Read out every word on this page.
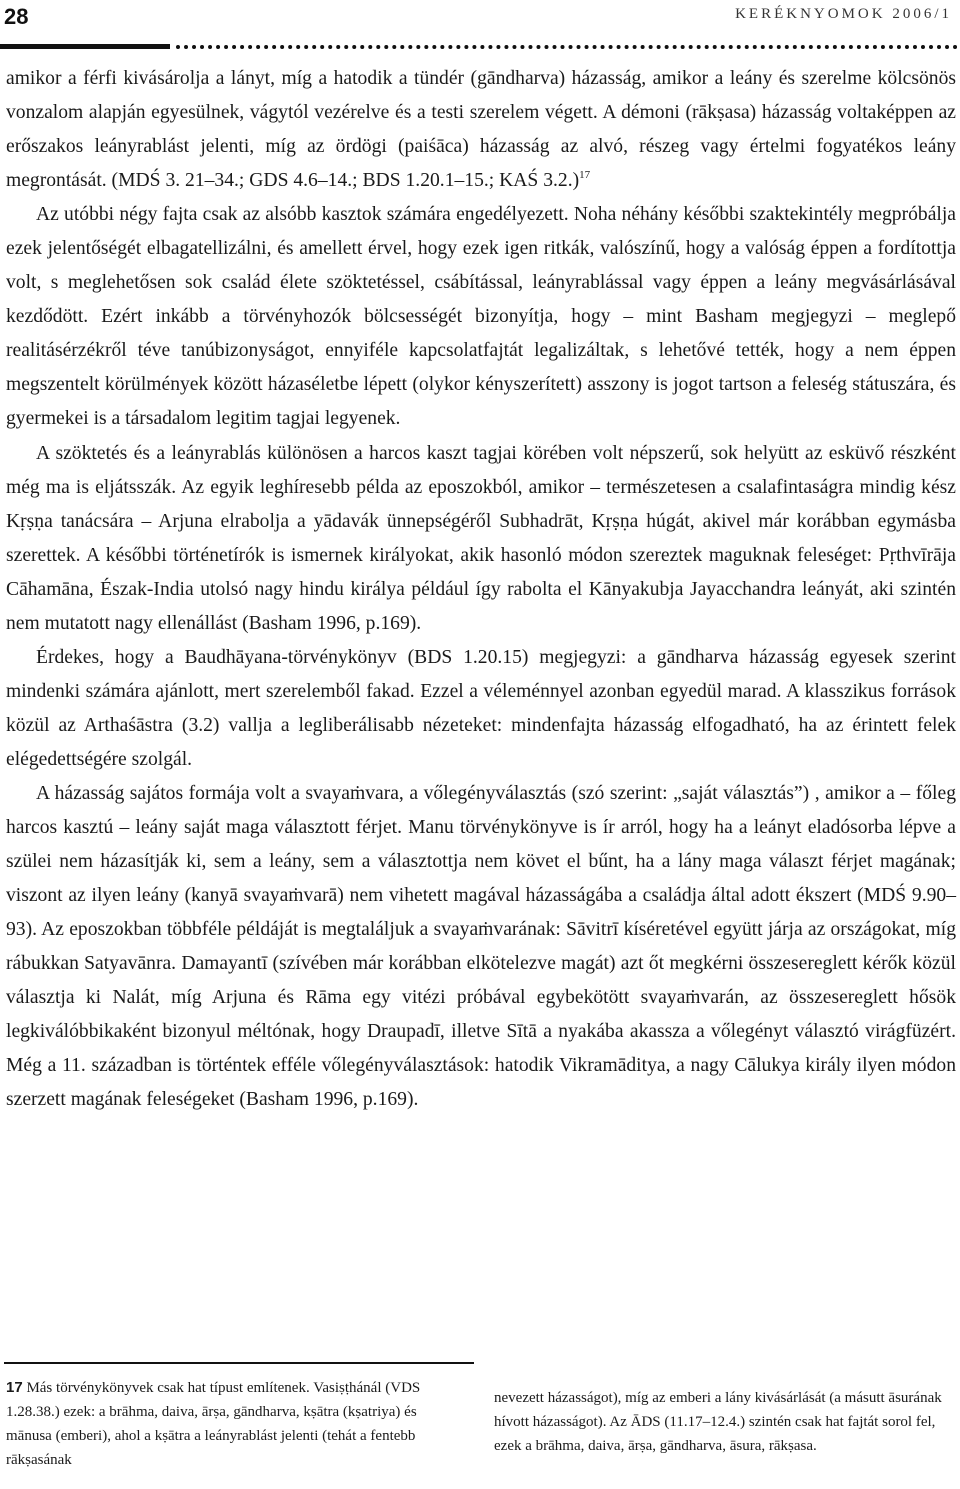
28	KERÉKNYOMOK 2006/1

amikor a férfi kivásárolja a lányt, míg a hatodik a tündér (gāndharva) házasság, amikor a leány és szerelme kölcsönös vonzalom alapján egyesülnek, vágytól vezérelve és a testi szerelem végett. A démoni (rākṣasa) házasság voltaképpen az erőszakos leányrablást jelenti, míg az ördögi (paiśāca) házasság az alvó, részeg vagy értelmi fogyatékos leány megrontását. (MDŚ 3. 21–34.; GDS 4.6–14.; BDS 1.20.1–15.; KAŚ 3.2.)$^{17}$

Az utóbbi négy fajta csak az alsóbb kasztok számára engedélyezett. Noha néhány későbbi szaktekintély megpróbálja ezek jelentőségét elbagatellizálni, és amellett érvel, hogy ezek igen ritkák, valószínű, hogy a valóság éppen a fordítottja volt, s meglehetősen sok család élete szöktetéssel, csábítással, leányrablással vagy éppen a leány megvásárlásával kezdődött. Ezért inkább a törvényhozók bölcsességét bizonyítja, hogy – mint Basham megjegyzi – meglepő realitásérzékről téve tanúbizonyságot, ennyiféle kapcsolatfajtát legalizáltak, s lehetővé tették, hogy a nem éppen megszentelt körülmények között házaséletbe lépett (olykor kényszerített) asszony is jogot tartson a feleség státuszára, és gyermekei is a társadalom legitim tagjai legyenek.

A szöktetés és a leányrablás különösen a harcos kaszt tagjai körében volt népszerű, sok helyütt az esküvő részként még ma is eljátsszák. Az egyik leghíresebb példa az eposzokból, amikor – természetesen a csalafintaságra mindig kész Kṛṣṇa tanácsára – Arjuna elrabolja a yādavák ünnepségéről Subhadrāt, Kṛṣṇa húgát, akivel már korábban egymásba szerettek. A későbbi történetírók is ismernek királyokat, akik hasonló módon szereztek maguknak feleséget: Pṛthvīrāja Cāhamāna, Észak-India utolsó nagy hindu királya például így rabolta el Kānyakubja Jayacchandra leányát, aki szintén nem mutatott nagy ellenállást (Basham 1996, p.169).

Érdekes, hogy a Baudhāyana-törvénykönyv (BDS 1.20.15) megjegyzi: a gāndharva házasság egyesek szerint mindenki számára ajánlott, mert szerelemből fakad. Ezzel a véleménnyel azonban egyedül marad. A klasszikus források közül az Arthaśāstra (3.2) vallja a legliberálisabb nézeteket: mindenfajta házasság elfogadható, ha az érintett felek elégedettségére szolgál.

A házasság sajátos formája volt a svayaṁvara, a vőlegényválasztás (szó szerint: „saját választás”) , amikor a – főleg harcos kasztú – leány saját maga választott férjet. Manu törvénykönyve is ír arról, hogy ha a leányt eladósorba lépve a szülei nem házasítják ki, sem a leány, sem a választottja nem követ el bűnt, ha a lány maga választ férjet magának; viszont az ilyen leány (kanyā svayaṁvarā) nem vihetett magával házasságába a családja által adott ékszert (MDŚ 9.90–93). Az eposzokban többféle példáját is megtaláljuk a svayaṁvarának: Sāvitrī kíséretével együtt járja az országokat, míg rábukkan Satyavānra. Damayantī (szívében már korábban elkötelezve magát) azt őt megkérni összesereglett kérők közül választja ki Nalát, míg Arjuna és Rāma egy vitézi próbával egybekötött svayaṁvarán, az összesereglett hősök legkiválóbbikaként bizonyul méltónak, hogy Draupadī, illetve Sītā a nyakába akassza a vőlegényt választó virágfüzért. Még a 11. században is történtek efféle vőlegényválasztások: hatodik Vikramāditya, a nagy Cālukya király ilyen módon szerzett magának feleségeket (Basham 1996, p.169).

17 Más törvénykönyvek csak hat típust említenek. Vasiṣṭhánál (VDS 1.28.38.) ezek: a brāhma, daiva, ārṣa, gāndharva, kṣātra (kṣatriya) és mānusa (emberi), ahol a kṣātra a leányrablást jelenti (tehát a fentebb rākṣasának
nevezett házasságot), míg az emberi a lány kivásárlását (a másutt āsurának hívott házasságot). Az ĀDS (11.17–12.4.) szintén csak hat fajtát sorol fel, ezek a brāhma, daiva, ārṣa, gāndharva, āsura, rākṣasa.
